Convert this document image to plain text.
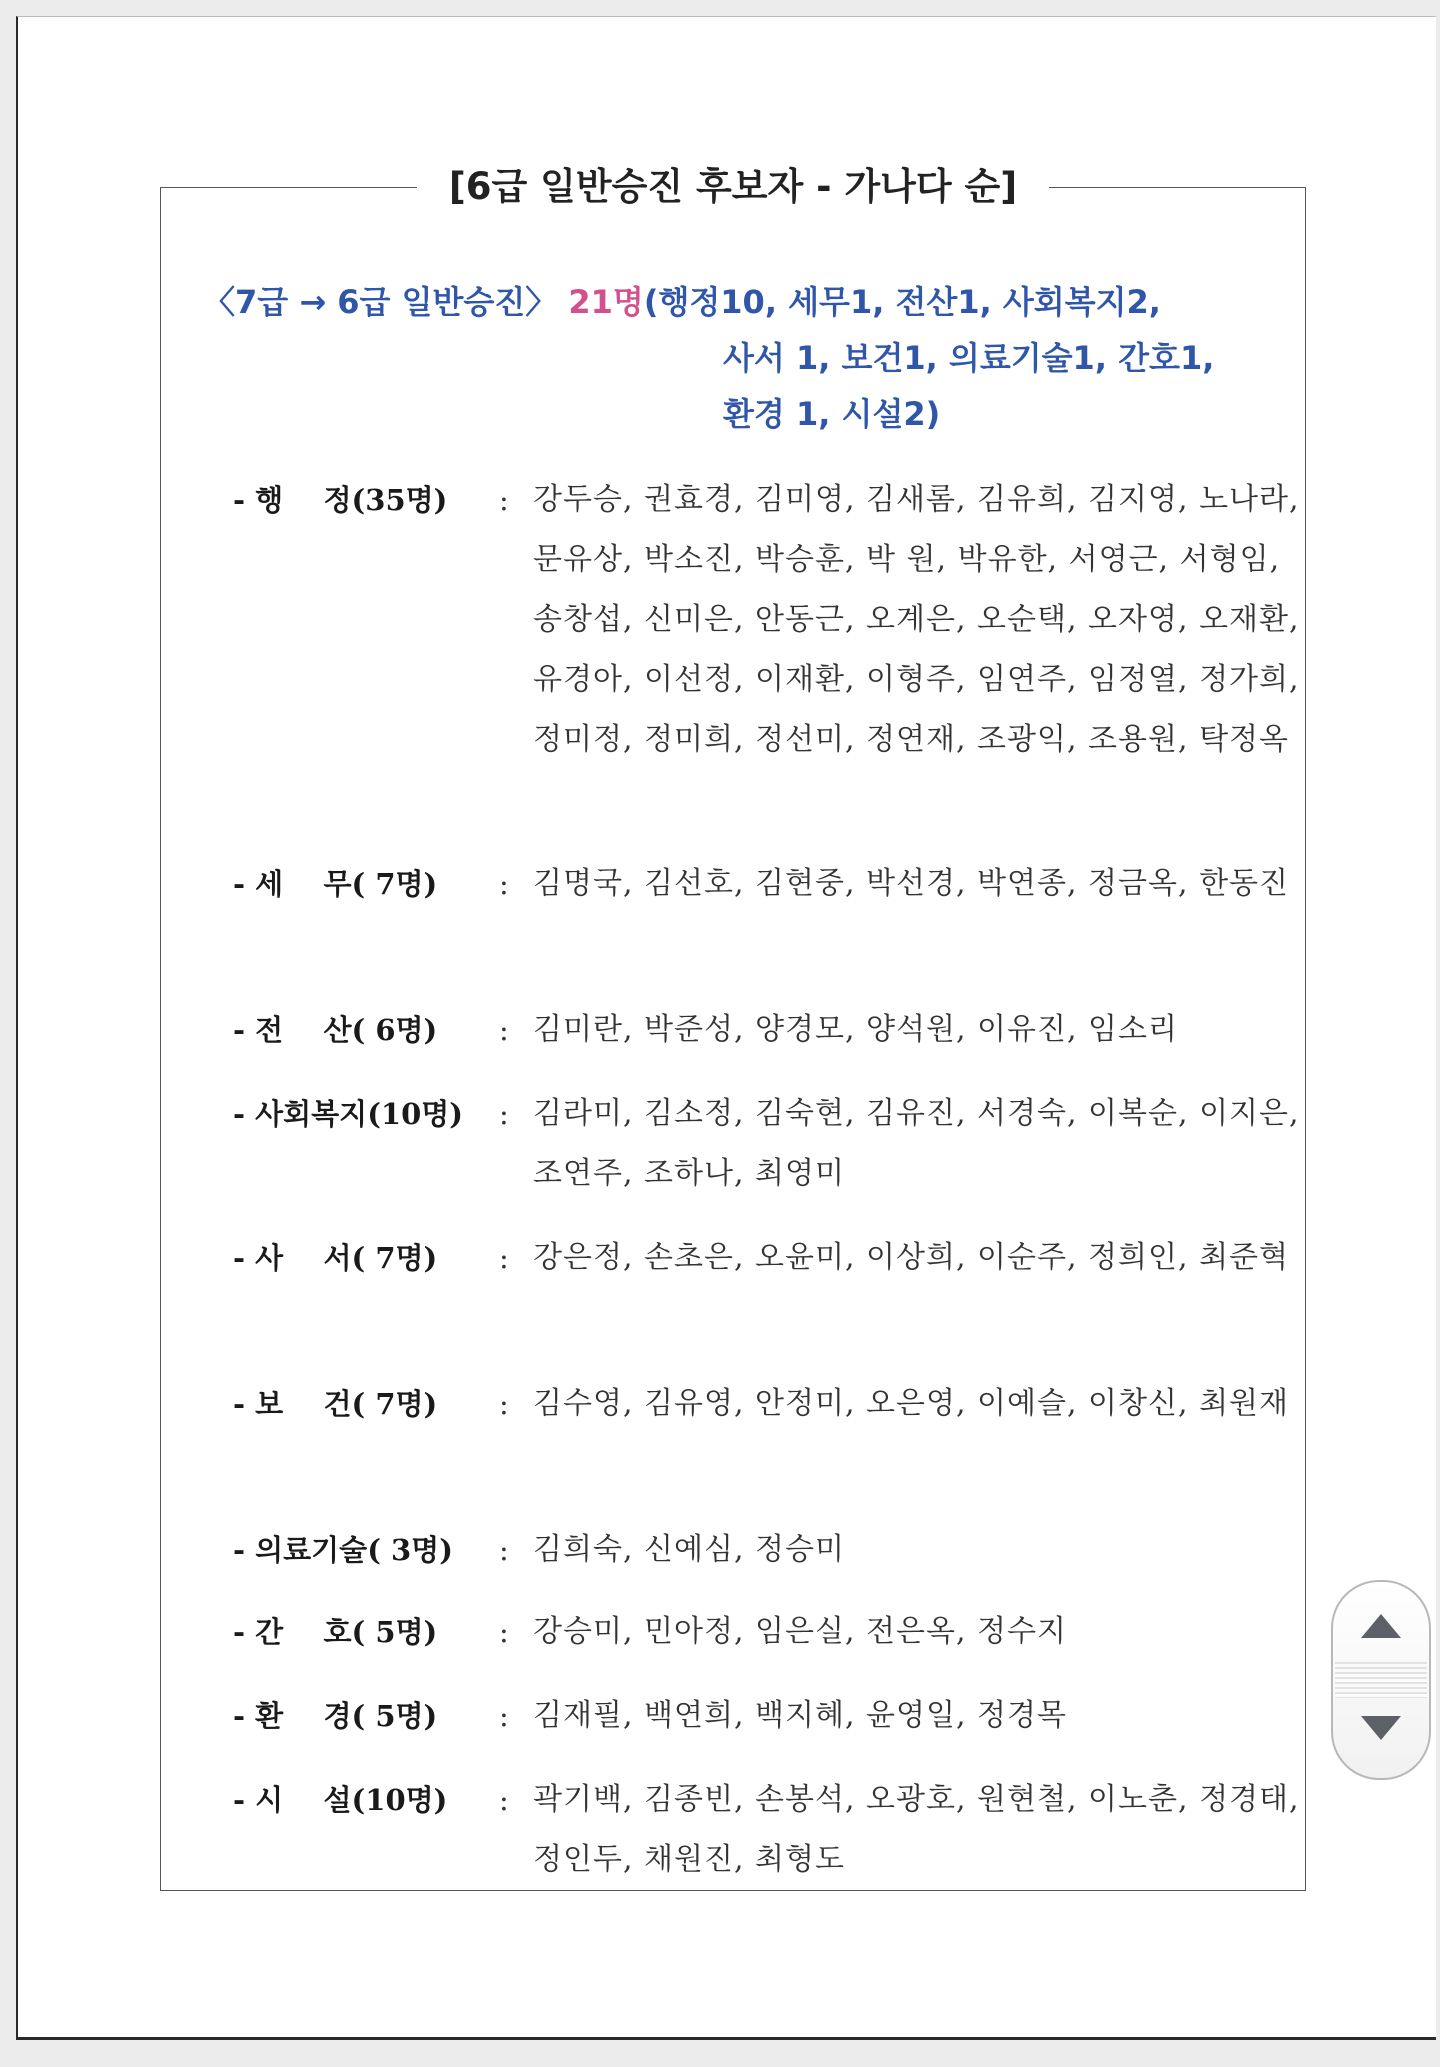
[6급 일반승진 후보자 - 가나다 순]
〈7급 → 6급 일반승진〉 21명(행정10, 세무1, 전산1, 사회복지2,
사서 1, 보건1, 의료기술1, 간호1,
환경 1, 시설2)
- 행    정(35명)	: 강두승, 권효경, 김미영, 김새롬, 김유희, 김지영, 노나라, 문유상, 박소진, 박승훈, 박 원, 박유한, 서영근, 서형임, 송창섭, 신미은, 안동근, 오계은, 오순택, 오자영, 오재환, 유경아, 이선정, 이재환, 이형주, 임연주, 임정열, 정가희, 정미정, 정미희, 정선미, 정연재, 조광익, 조용원, 탁정옥
- 세    무( 7명)	: 김명국, 김선호, 김현중, 박선경, 박연종, 정금옥, 한동진
- 전    산( 6명)	: 김미란, 박준성, 양경모, 양석원, 이유진, 임소리
- 사회복지(10명)	: 김라미, 김소정, 김숙현, 김유진, 서경숙, 이복순, 이지은, 조연주, 조하나, 최영미
- 사    서( 7명)	: 강은정, 손초은, 오윤미, 이상희, 이순주, 정희인, 최준혁
- 보    건( 7명)	: 김수영, 김유영, 안정미, 오은영, 이예슬, 이창신, 최원재
- 의료기술( 3명)	: 김희숙, 신예심, 정승미
- 간    호( 5명)	: 강승미, 민아정, 임은실, 전은옥, 정수지
- 환    경( 5명)	: 김재필, 백연희, 백지혜, 윤영일, 정경목
- 시    설(10명)	: 곽기백, 김종빈, 손봉석, 오광호, 원현철, 이노춘, 정경태, 정인두, 채원진, 최형도
